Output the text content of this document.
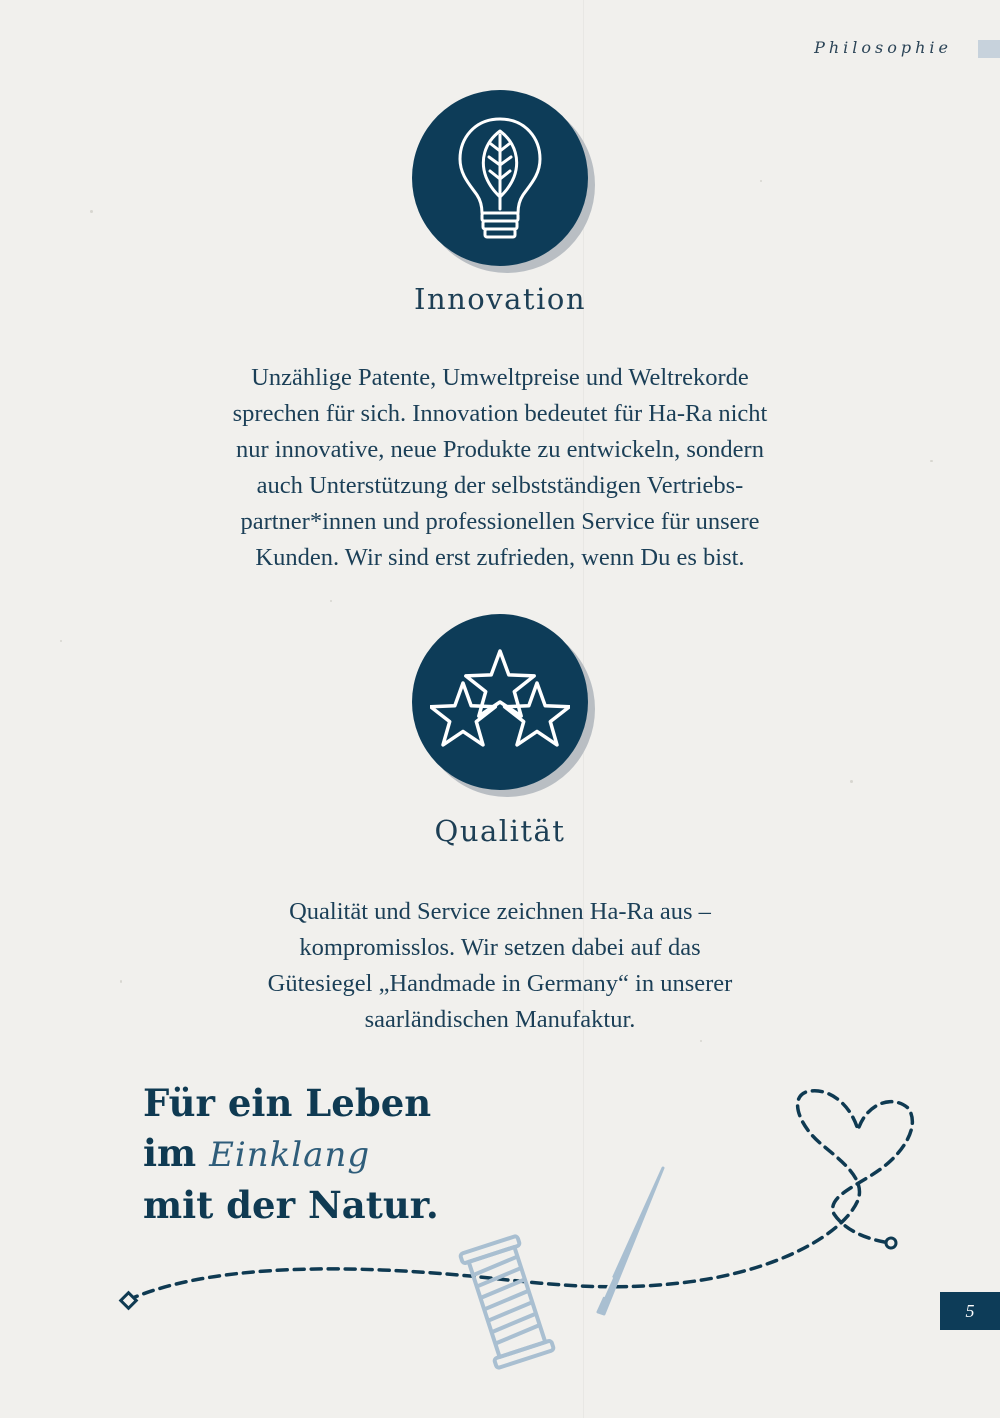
Philosophie
Innovation

Unzählige Patente, Umweltpreise und Weltrekorde
sprechen für sich. Innovation bedeutet für Ha-Ra nicht
nur innovative, neue Produkte zu entwickeln, sondern
auch Unterstützung der selbstständigen Vertriebs-
partner*innen und professionellen Service für unsere
Kunden. Wir sind erst zufrieden, wenn Du es bist.

Qualität

Qualität und Service zeichnen Ha-Ra aus –
kompromisslos. Wir setzen dabei auf das
Gütesiegel „Handmade in Germany“ in unserer
saarländischen Manufaktur.

Für ein Leben
im Einklang
mit der Natur.
5
